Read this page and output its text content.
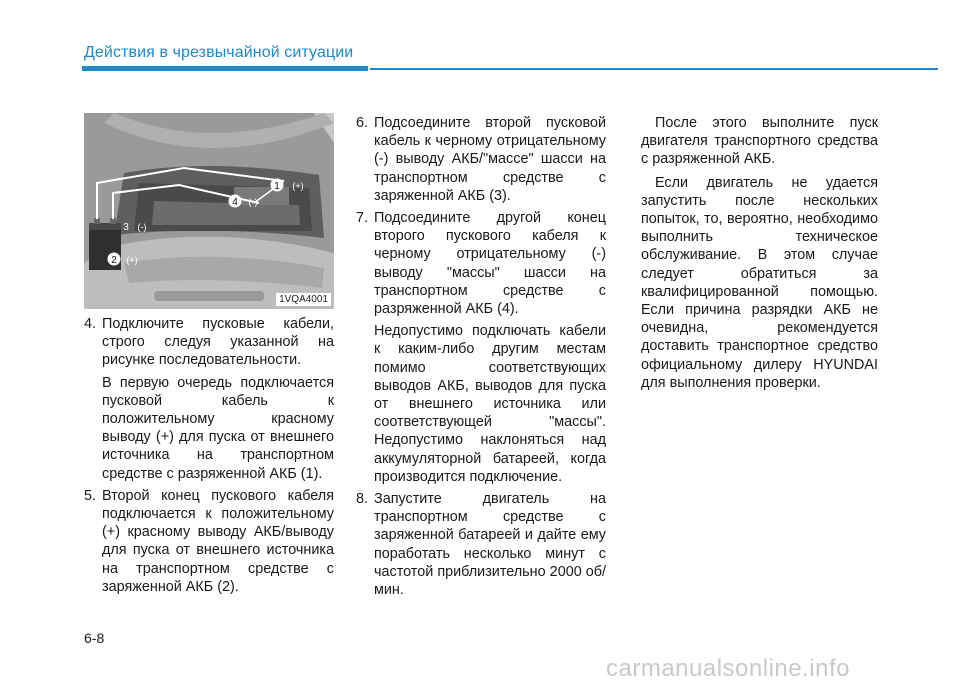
Действия в чрезвычайной ситуации
1 (+)
2 (+)
3 (-)
4 (-)
1VQA4001
4. Подключите пусковые кабели, строго следуя указанной на рисунке последовательности.
В первую очередь подключается пусковой кабель к положительному красному выводу (+) для пуска от внешнего источника на транспортном средстве с разряженной АКБ (1).
5. Второй конец пускового кабеля подключается к положительному (+) красному выводу АКБ/выводу для пуска от внешнего источника на транспортном средстве с заряженной АКБ (2).
6. Подсоедините второй пусковой кабель к черному отрицательному (-) выводу АКБ/"массе" шасси на транспортном средстве с заряженной АКБ (3).
7. Подсоедините другой конец второго пускового кабеля к черному отрицательному (-) выводу "массы" шасси на транспортном средстве с разряженной АКБ (4).
Недопустимо подключать кабели к каким-либо другим местам помимо соответствующих выводов АКБ, выводов для пуска от внешнего источника или соответствующей "массы". Недопустимо наклоняться над аккумуляторной батареей, когда производится подключение.
8. Запустите двигатель на транспортном средстве с заряженной батареей и дайте ему поработать несколько минут с частотой приблизительно 2000 об/мин.
После этого выполните пуск двигателя транспортного средства с разряженной АКБ.
Если двигатель не удается запустить после нескольких попыток, то, вероятно, необходимо выполнить техническое обслуживание. В этом случае следует обратиться за квалифицированной помощью. Если причина разрядки АКБ не очевидна, рекомендуется доставить транспортное средство официальному дилеру HYUNDAI для выполнения проверки.
6-8
carmanualsonline.info
